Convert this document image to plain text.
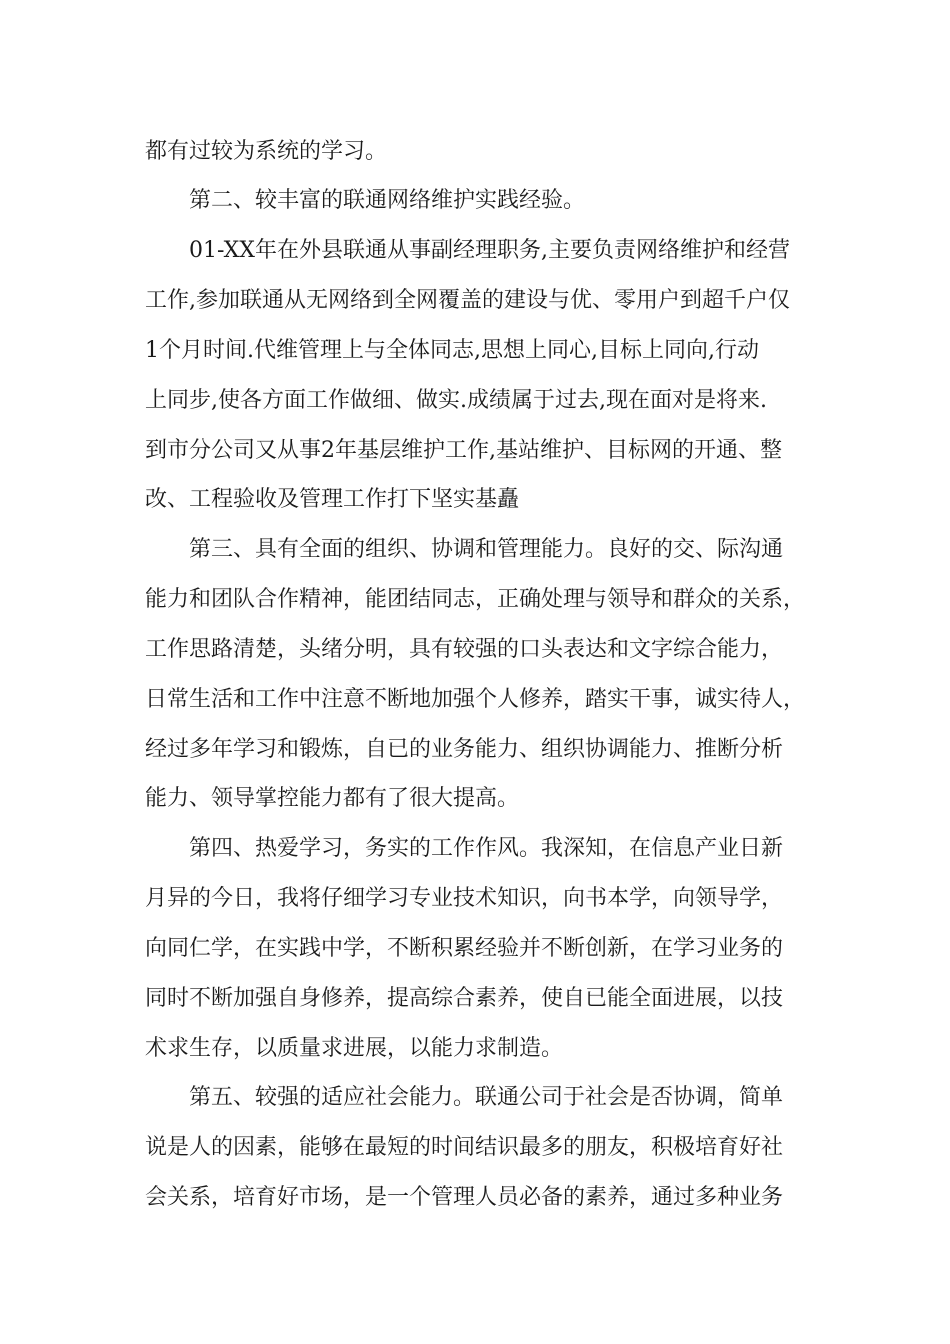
都有过较为系统的学习。
第二、较丰富的联通网络维护实践经验。
01-XX年在外县联通从事副经理职务,主要负责网络维护和经营
工作,参加联通从无网络到全网覆盖的建设与优、零用户到超千户仅
1个月时间.代维管理上与全体同志,思想上同心,目标上同向,行动
上同步,使各方面工作做细、做实.成绩属于过去,现在面对是将来.
到市分公司又从事2年基层维护工作,基站维护、目标网的开通、整
改、工程验收及管理工作打下坚实基矗
第三、具有全面的组织、协调和管理能力。良好的交、际沟通
能力和团队合作精神，能团结同志，正确处理与领导和群众的关系，
工作思路清楚，头绪分明，具有较强的口头表达和文字综合能力，
日常生活和工作中注意不断地加强个人修养，踏实干事，诚实待人，
经过多年学习和锻炼，自已的业务能力、组织协调能力、推断分析
能力、领导掌控能力都有了很大提高。
第四、热爱学习，务实的工作作风。我深知，在信息产业日新
月异的今日，我将仔细学习专业技术知识，向书本学，向领导学，
向同仁学，在实践中学，不断积累经验并不断创新，在学习业务的
同时不断加强自身修养，提高综合素养，使自已能全面进展，以技
术求生存，以质量求进展，以能力求制造。
第五、较强的适应社会能力。联通公司于社会是否协调，简单
说是人的因素，能够在最短的时间结识最多的朋友，积极培育好社
会关系，培育好市场，是一个管理人员必备的素养，通过多种业务
